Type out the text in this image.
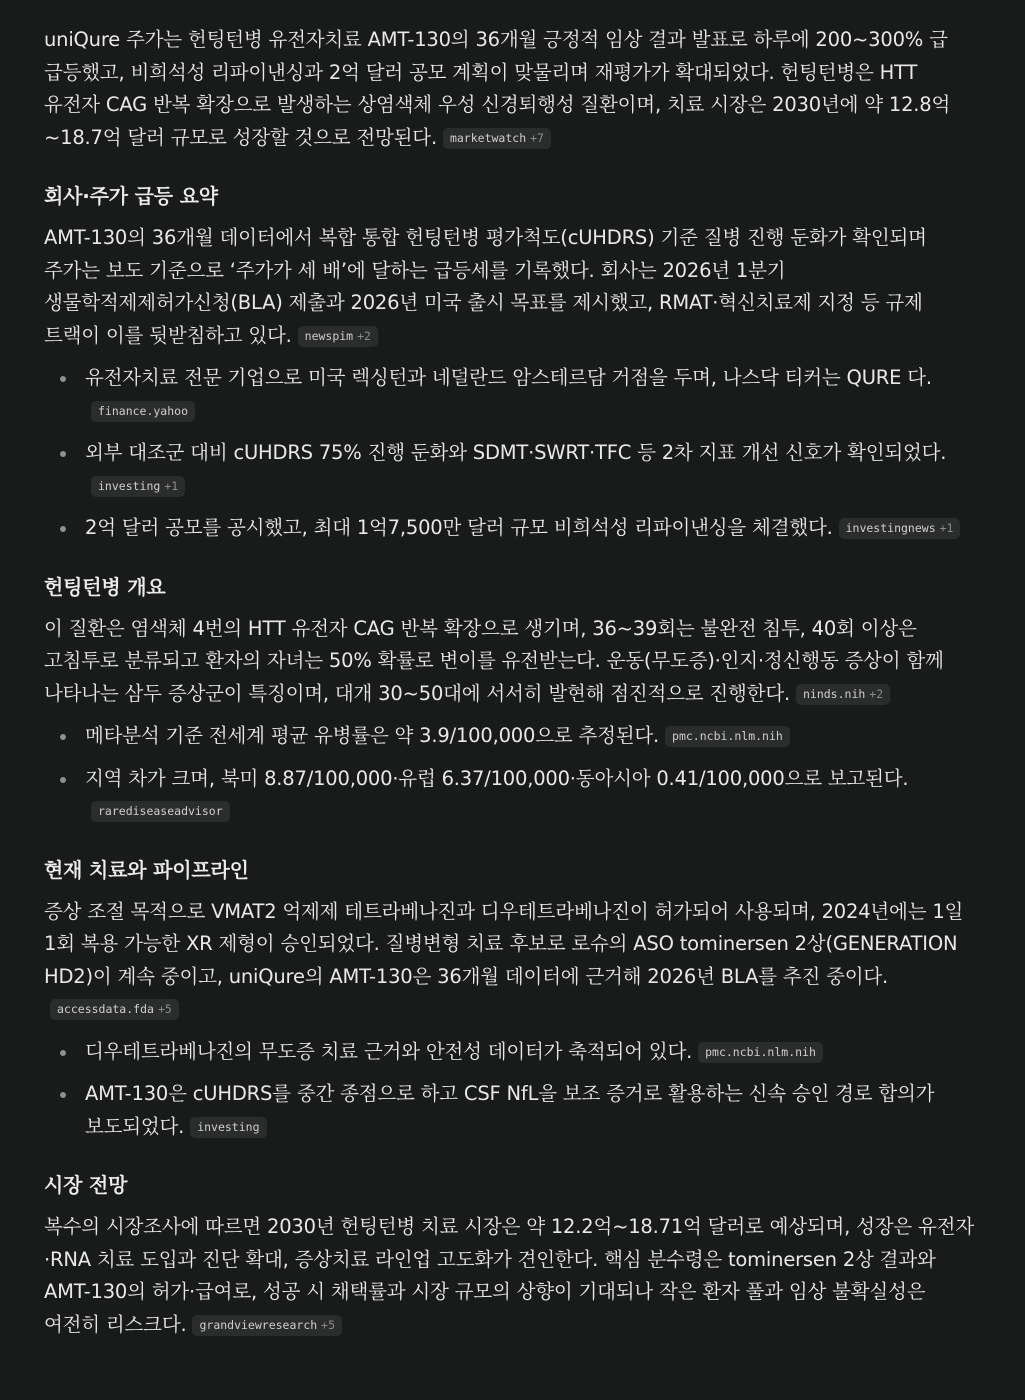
uniQure 주가는 헌팅턴병 유전자치료 AMT-130의 36개월 긍정적 임상 결과 발표로 하루에 200~300% 급 급등했고, 비희석성 리파이낸싱과 2억 달러 공모 계획이 맞물리며 재평가가 확대되었다. 헌팅턴병은 HTT 유전자 CAG 반복 확장으로 발생하는 상염색체 우성 신경퇴행성 질환이며, 치료 시장은 2030년에 약 12.8억~18.7억 달러 규모로 성장할 것으로 전망된다. marketwatch +7

회사·주가 급등 요약

AMT-130의 36개월 데이터에서 복합 통합 헌팅턴병 평가척도(cUHDRS) 기준 질병 진행 둔화가 확인되며 주가는 보도 기준으로 ‘주가가 세 배’에 달하는 급등세를 기록했다. 회사는 2026년 1분기 생물학적제제허가신청(BLA) 제출과 2026년 미국 출시 목표를 제시했고, RMAT·혁신치료제 지정 등 규제 트랙이 이를 뒷받침하고 있다. newspim +2

유전자치료 전문 기업으로 미국 렉싱턴과 네덜란드 암스테르담 거점을 두며, 나스닥 티커는 QURE 다.finance.yahoo
외부 대조군 대비 cUHDRS 75% 진행 둔화와 SDMT·SWRT·TFC 등 2차 지표 개선 신호가 확인되었다.investing +1
2억 달러 공모를 공시했고, 최대 1억7,500만 달러 규모 비희석성 리파이낸싱을 체결했다. investingnews +1
헌팅턴병 개요

이 질환은 염색체 4번의 HTT 유전자 CAG 반복 확장으로 생기며, 36~39회는 불완전 침투, 40회 이상은 고침투로 분류되고 환자의 자녀는 50% 확률로 변이를 유전받는다. 운동(무도증)·인지·정신행동 증상이 함께 나타나는 삼두 증상군이 특징이며, 대개 30~50대에 서서히 발현해 점진적으로 진행한다. ninds.nih +2

메타분석 기준 전세계 평균 유병률은 약 3.9/100,000으로 추정된다. pmc.ncbi.nlm.nih
지역 차가 크며, 북미 8.87/100,000·유럽 6.37/100,000·동아시아 0.41/100,000으로 보고된다.rarediseaseadvisor
현재 치료와 파이프라인

증상 조절 목적으로 VMAT2 억제제 테트라베나진과 디우테트라베나진이 허가되어 사용되며, 2024년에는 1일 1회 복용 가능한 XR 제형이 승인되었다. 질병변형 치료 후보로 로슈의 ASO tominersen 2상(GENERATION HD2)이 계속 중이고, uniQure의 AMT-130은 36개월 데이터에 근거해 2026년 BLA를 추진 중이다.accessdata.fda +5

디우테트라베나진의 무도증 치료 근거와 안전성 데이터가 축적되어 있다. pmc.ncbi.nlm.nih
AMT-130은 cUHDRS를 중간 종점으로 하고 CSF NfL을 보조 증거로 활용하는 신속 승인 경로 합의가 보도되었다. investing
시장 전망

복수의 시장조사에 따르면 2030년 헌팅턴병 치료 시장은 약 12.2억~18.71억 달러로 예상되며, 성장은 유전자·RNA 치료 도입과 진단 확대, 증상치료 라인업 고도화가 견인한다. 핵심 분수령은 tominersen 2상 결과와 AMT-130의 허가·급여로, 성공 시 채택률과 시장 규모의 상향이 기대되나 작은 환자 풀과 임상 불확실성은 여전히 리스크다. grandviewresearch +5
